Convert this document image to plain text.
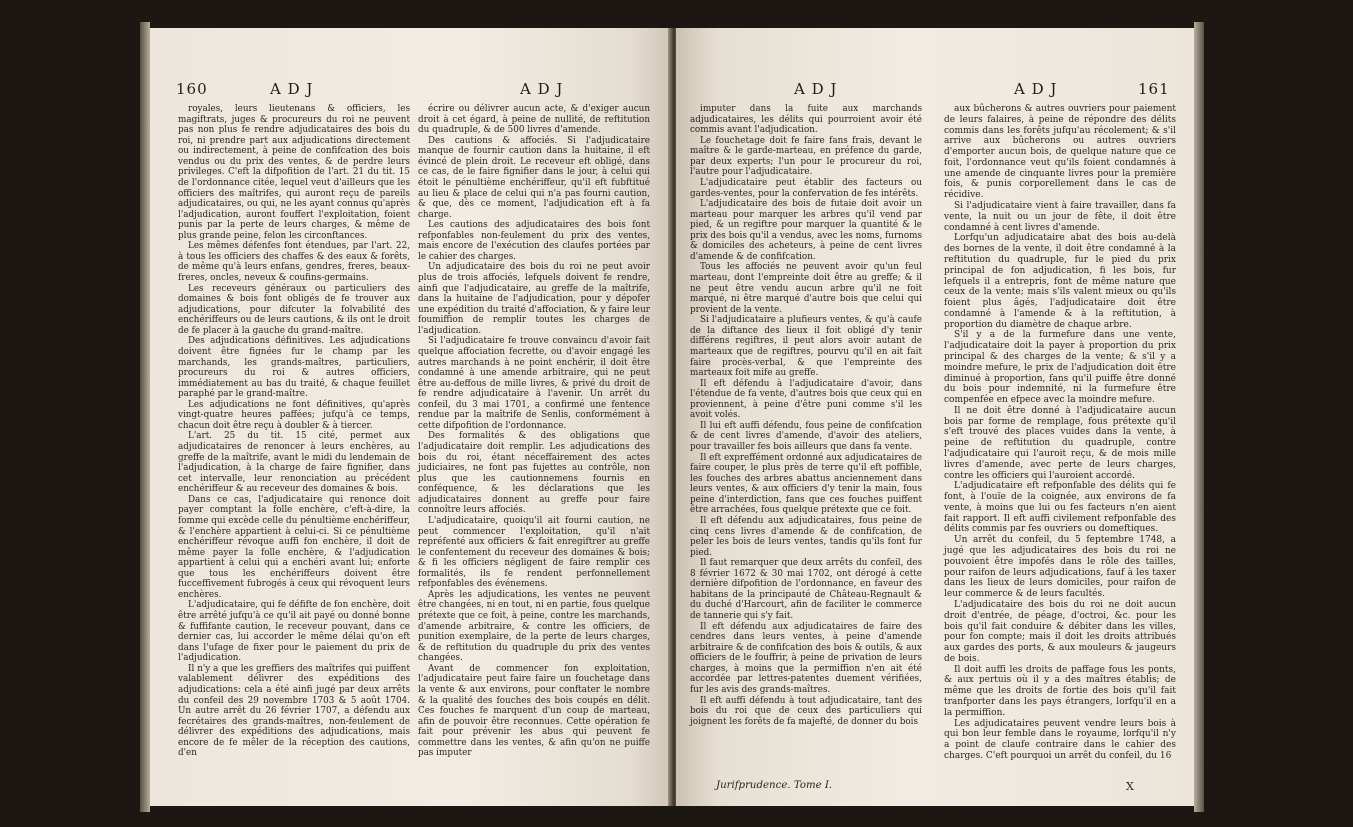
160	A D J	A D J

royales, leurs lieutenans & officiers, les magiftrats, juges & procureurs du roi ne peuvent pas non plus fe rendre adjudicataires des bois du roi, ni prendre part aux adjudications directement ou indirectement, à peine de confifcation des bois vendus ou du prix des ventes, & de perdre leurs privileges. C'eft la difpofition de l'art. 21 du tit. 15 de l'ordonnance citée, lequel veut d'ailleurs que les officiers des maîtrifes, qui auront reçu de pareils adjudicataires, ou qui, ne les ayant connus qu'après l'adjudication, auront fouffert l'exploitation, foient punis par la perte de leurs charges, & même de plus grande peine, felon les circonftances.

Les mêmes défenfes font étendues, par l'art. 22, à tous les officiers des chaffes & des eaux & forêts, de même qu'à leurs enfans, gendres, freres, beaux-freres, oncles, neveux & coufins-germains.

Les receveurs généraux ou particuliers des domaines & bois font obligés de fe trouver aux adjudications, pour difcuter la folvabilité des enchériffeurs ou de leurs cautions, & ils ont le droit de fe placer à la gauche du grand-maître.

Des adjudications définitives. Les adjudications doivent être fignées fur le champ par les marchands, les grands-maîtres, particuliers, procureurs du roi & autres officiers, immédiatement au bas du traité, & chaque feuillet paraphé par le grand-maître.

Les adjudications ne font définitives, qu'après vingt-quatre heures paffées; jufqu'à ce temps, chacun doit être reçu à doubler & à tiercer.

L'art. 25 du tit. 15 cité, permet aux adjudicataires de renoncer à leurs enchères, au greffe de la maîtrife, avant le midi du lendemain de l'adjudication, à la charge de faire fignifier, dans cet intervalle, leur renonciation au précédent enchériffeur & au receveur des domaines & bois.

Dans ce cas, l'adjudicataire qui renonce doit payer comptant la folle enchère, c'eft-à-dire, la fomme qui excède celle du pénultième enchériffeur, & l'enchère appartient à celui-ci. Si ce pénultième enchériffeur révoque auffi fon enchère, il doit de même payer la folle enchère, & l'adjudication appartient à celui qui a enchéri avant lui; enforte que tous les enchériffeurs doivent être fucceffivement fubrogés à ceux qui révoquent leurs enchères.

L'adjudicataire, qui fe défifte de fon enchère, doit être arrêté jufqu'à ce qu'il ait payé ou donné bonne & fuffifante caution, le receveur pouvant, dans ce dernier cas, lui accorder le même délai qu'on eft dans l'ufage de fixer pour le paiement du prix de l'adjudication.

Il n'y a que les greffiers des maîtrifes qui puiffent valablement délivrer des expéditions des adjudications: cela a été ainfi jugé par deux arrêts du confeil des 29 novembre 1703 & 5 août 1704. Un autre arrêt du 26 février 1707, a défendu aux fecrétaires des grands-maîtres, non-feulement de délivrer des expéditions des adjudications, mais encore de fe mêler de la réception des cautions, d'en

écrire ou délivrer aucun acte, & d'exiger aucun droit à cet égard, à peine de nullité, de reftitution du quadruple, & de 500 livres d'amende.

Des cautions & affociés. Si l'adjudicataire manque de fournir caution dans la huitaine, il eft évincé de plein droit. Le receveur eft obligé, dans ce cas, de le faire fignifier dans le jour, à celui qui étoit le pénultième enchériffeur, qu'il eft fubftitué au lieu & place de celui qui n'a pas fourni caution, & que, dès ce moment, l'adjudication eft à fa charge.

Les cautions des adjudicataires des bois font refponfables non-feulement du prix des ventes, mais encore de l'exécution des claufes portées par le cahier des charges.

Un adjudicataire des bois du roi ne peut avoir plus de trois affociés, lefquels doivent fe rendre, ainfi que l'adjudicataire, au greffe de la maîtrife, dans la huitaine de l'adjudication, pour y dépofer une expédition du traité d'affociation, & y faire leur foumiffion de remplir toutes les charges de l'adjudication.

Si l'adjudicataire fe trouve convaincu d'avoir fait quelque affociation fecrette, ou d'avoir engagé les autres marchands à ne point enchérir, il doit être condamné à une amende arbitraire, qui ne peut être au-deffous de mille livres, & privé du droit de fe rendre adjudicataire à l'avenir. Un arrêt du confeil, du 3 mai 1701, a confirmé une fentence rendue par la maîtrife de Senlis, conformément à cette difpofition de l'ordonnance.

Des formalités & des obligations que l'adjudicataire doit remplir. Les adjudications des bois du roi, étant néceffairement des actes judiciaires, ne font pas fujettes au contrôle, non plus que les cautionnemens fournis en conféquence, & les déclarations que les adjudicataires donnent au greffe pour faire connoître leurs affociés.

L'adjudicataire, quoiqu'il ait fourni caution, ne peut commencer l'exploitation, qu'il n'ait repréfenté aux officiers & fait enregiftrer au greffe le confentement du receveur des domaines & bois; & fi les officiers négligent de faire remplir ces formalités, ils fe rendent perfonnellement refponfables des événemens.

Après les adjudications, les ventes ne peuvent être changées, ni en tout, ni en partie, fous quelque prétexte que ce foit, à peine, contre les marchands, d'amende arbitraire, & contre les officiers, de punition exemplaire, de la perte de leurs charges, & de reftitution du quadruple du prix des ventes changées.

Avant de commencer fon exploitation, l'adjudicataire peut faire faire un fouchetage dans la vente & aux environs, pour conftater le nombre & la qualité des fouches des bois coupés en délit. Ces fouches fe marquent d'un coup de marteau, afin de pouvoir être reconnues. Cette opération fe fait pour prévenir les abus qui peuvent fe commettre dans les ventes, & afin qu'on ne puiffe pas imputer

A D J	A D J	161

imputer dans la fuite aux marchands adjudicataires, les délits qui pourroient avoir été commis avant l'adjudication.

Le fouchetage doit fe faire fans frais, devant le maître & le garde-marteau, en préfence du garde, par deux experts; l'un pour le procureur du roi, l'autre pour l'adjudicataire.

L'adjudicataire peut établir des facteurs ou gardes-ventes, pour la confervation de fes intérêts.

L'adjudicataire des bois de futaie doit avoir un marteau pour marquer les arbres qu'il vend par pied, & un regiftre pour marquer la quantité & le prix des bois qu'il a vendus, avec les noms, furnoms & domiciles des acheteurs, à peine de cent livres d'amende & de confifcation.

Tous les affociés ne peuvent avoir qu'un feul marteau, dont l'empreinte doit être au greffe; & il ne peut être vendu aucun arbre qu'il ne foit marqué, ni être marqué d'autre bois que celui qui provient de la vente.

Si l'adjudicataire a plufieurs ventes, & qu'à caufe de la diftance des lieux il foit obligé d'y tenir différens regiftres, il peut alors avoir autant de marteaux que de regiftres, pourvu qu'il en ait fait faire procès-verbal, & que l'empreinte des marteaux foit mife au greffe.

Il eft défendu à l'adjudicataire d'avoir, dans l'étendue de fa vente, d'autres bois que ceux qui en proviennent, à peine d'être puni comme s'il les avoit volés.

Il lui eft auffi défendu, fous peine de confifcation & de cent livres d'amende, d'avoir des ateliers, pour travailler fes bois ailleurs que dans fa vente.

Il eft expreffément ordonné aux adjudicataires de faire couper, le plus près de terre qu'il eft poffible, les fouches des arbres abattus anciennement dans leurs ventes, & aux officiers d'y tenir la main, fous peine d'interdiction, fans que ces fouches puiffent être arrachées, fous quelque prétexte que ce foit.

Il eft défendu aux adjudicataires, fous peine de cinq cens livres d'amende & de confifcation, de peler les bois de leurs ventes, tandis qu'ils font fur pied.

Il faut remarquer que deux arrêts du confeil, des 8 février 1672 & 30 mai 1702, ont dérogé à cette dernière difpofition de l'ordonnance, en faveur des habitans de la principauté de Château-Regnault & du duché d'Harcourt, afin de faciliter le commerce de tannerie qui s'y fait.

Il eft défendu aux adjudicataires de faire des cendres dans leurs ventes, à peine d'amende arbitraire & de confifcation des bois & outils, & aux officiers de le fouffrir, à peine de privation de leurs charges, à moins que la permiffion n'en ait été accordée par lettres-patentes duement vérifiées, fur les avis des grands-maîtres.

Il eft auffi défendu à tout adjudicataire, tant des bois du roi que de ceux des particuliers qui joignent les forêts de fa majefté, de donner du bois

aux bûcherons & autres ouvriers pour paiement de leurs falaires, à peine de répondre des délits commis dans les forêts jufqu'au récolement; & s'il arrive aux bûcherons ou autres ouvriers d'emporter aucun bois, de quelque nature que ce foit, l'ordonnance veut qu'ils foient condamnés à une amende de cinquante livres pour la première fois, & punis corporellement dans le cas de récidive.

Si l'adjudicataire vient à faire travailler, dans fa vente, la nuit ou un jour de fête, il doit être condamné à cent livres d'amende.

Lorfqu'un adjudicataire abat des bois au-delà des bornes de la vente, il doit être condamné à la reftitution du quadruple, fur le pied du prix principal de fon adjudication, fi les bois, fur lefquels il a entrepris, font de même nature que ceux de la vente; mais s'ils valent mieux ou qu'ils foient plus âgés, l'adjudicataire doit être condamné à l'amende & à la reftitution, à proportion du diamètre de chaque arbre.

S'il y a de la furmefure dans une vente, l'adjudicataire doit la payer à proportion du prix principal & des charges de la vente; & s'il y a moindre mefure, le prix de l'adjudication doit être diminué à proportion, fans qu'il puiffe être donné du bois pour indemnité, ni la furmefure être compenfée en efpece avec la moindre mefure.

Il ne doit être donné à l'adjudicataire aucun bois par forme de remplage, fous prétexte qu'il s'eft trouvé des places vuides dans la vente, à peine de reftitution du quadruple, contre l'adjudicataire qui l'auroit reçu, & de mois mille livres d'amende, avec perte de leurs charges, contre les officiers qui l'auroient accordé.

L'adjudicataire eft refponfable des délits qui fe font, à l'ouïe de la coignée, aux environs de fa vente, à moins que lui ou fes facteurs n'en aient fait rapport. Il eft auffi civilement refponfable des délits commis par fes ouvriers ou domeftiques.

Un arrêt du confeil, du 5 feptembre 1748, a jugé que les adjudicataires des bois du roi ne pouvoient être impofés dans le rôle des tailles, pour raifon de leurs adjudications, fauf à les taxer dans les lieux de leurs domiciles, pour raifon de leur commerce & de leurs facultés.

L'adjudicataire des bois du roi ne doit aucun droit d'entrée, de péage, d'octroi, &c. pour les bois qu'il fait conduire & débiter dans les villes, pour fon compte; mais il doit les droits attribués aux gardes des ports, & aux mouleurs & jaugeurs de bois.

Il doit auffi les droits de paffage fous les ponts, & aux pertuis où il y a des maîtres établis; de même que les droits de fortie des bois qu'il fait tranfporter dans les pays étrangers, lorfqu'il en a la permiffion.

Les adjudicataires peuvent vendre leurs bois à qui bon leur femble dans le royaume, lorfqu'il n'y a point de claufe contraire dans le cahier des charges. C'eft pourquoi un arrêt du confeil, du 16

Jurifprudence. Tome I.	X
